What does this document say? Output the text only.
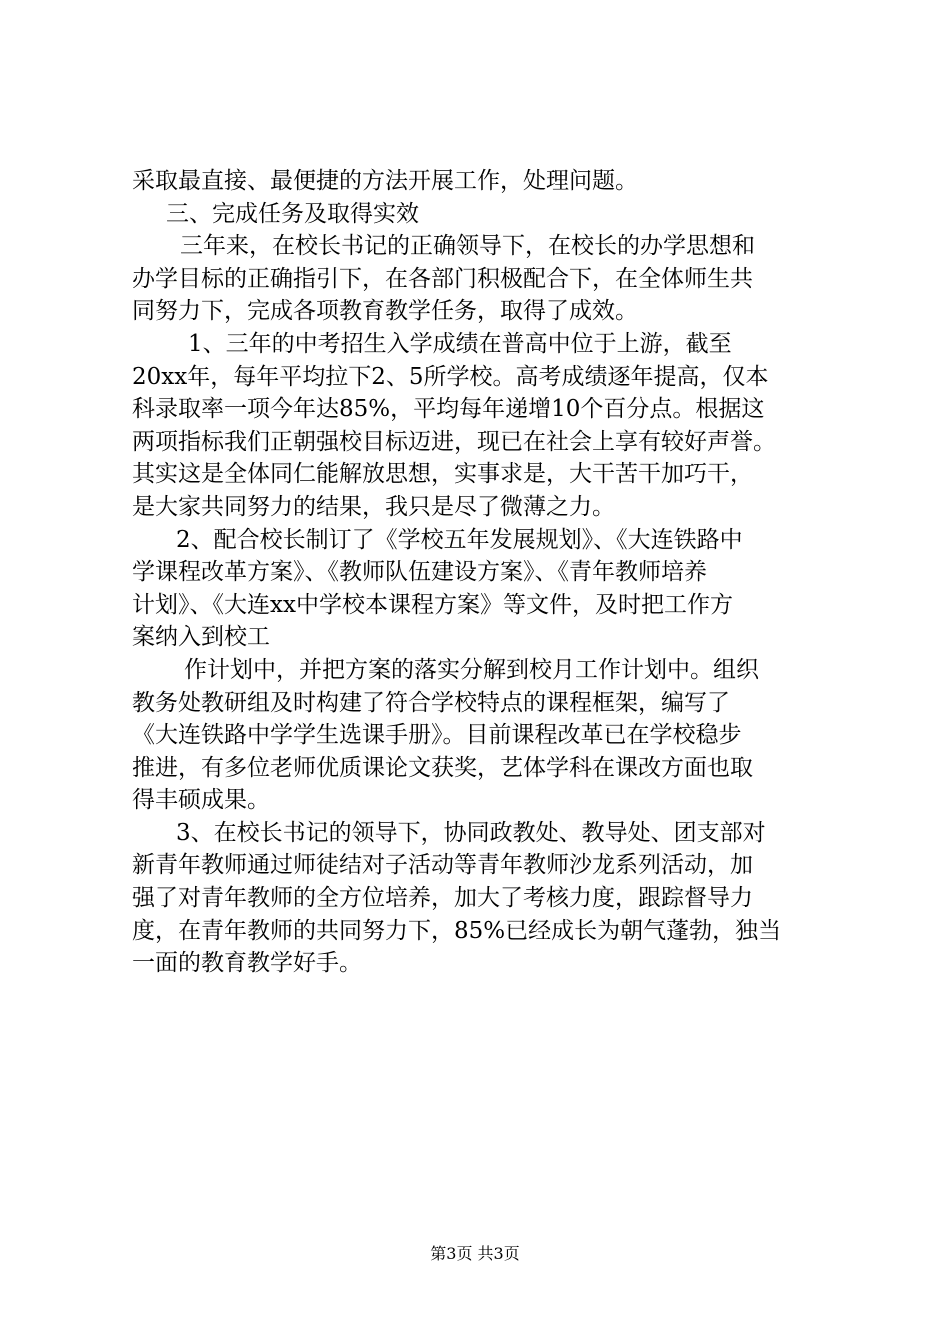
采取最直接、最便捷的方法开展工作，处理问题。
三、完成任务及取得实效
三年来，在校长书记的正确领导下，在校长的办学思想和
办学目标的正确指引下，在各部门积极配合下，在全体师生共
同努力下，完成各项教育教学任务，取得了成效。
1、三年的中考招生入学成绩在普高中位于上游，截至
20xx年，每年平均拉下2、5所学校。高考成绩逐年提高，仅本
科录取率一项今年达85%，平均每年递增10个百分点。根据这
两项指标我们正朝强校目标迈进，现已在社会上享有较好声誉。
其实这是全体同仁能解放思想，实事求是，大干苦干加巧干，
是大家共同努力的结果，我只是尽了微薄之力。
2、配合校长制订了《学校五年发展规划》、《大连铁路中
学课程改革方案》、《教师队伍建设方案》、《青年教师培养
计划》、《大连xx中学校本课程方案》等文件，及时把工作方
案纳入到校工
作计划中，并把方案的落实分解到校月工作计划中。组织
教务处教研组及时构建了符合学校特点的课程框架，编写了
《大连铁路中学学生选课手册》。目前课程改革已在学校稳步
推进，有多位老师优质课论文获奖，艺体学科在课改方面也取
得丰硕成果。
3、在校长书记的领导下，协同政教处、教导处、团支部对
新青年教师通过师徒结对子活动等青年教师沙龙系列活动，加
强了对青年教师的全方位培养，加大了考核力度，跟踪督导力
度，在青年教师的共同努力下，85%已经成长为朝气蓬勃，独当
一面的教育教学好手。
第3页 共3页
